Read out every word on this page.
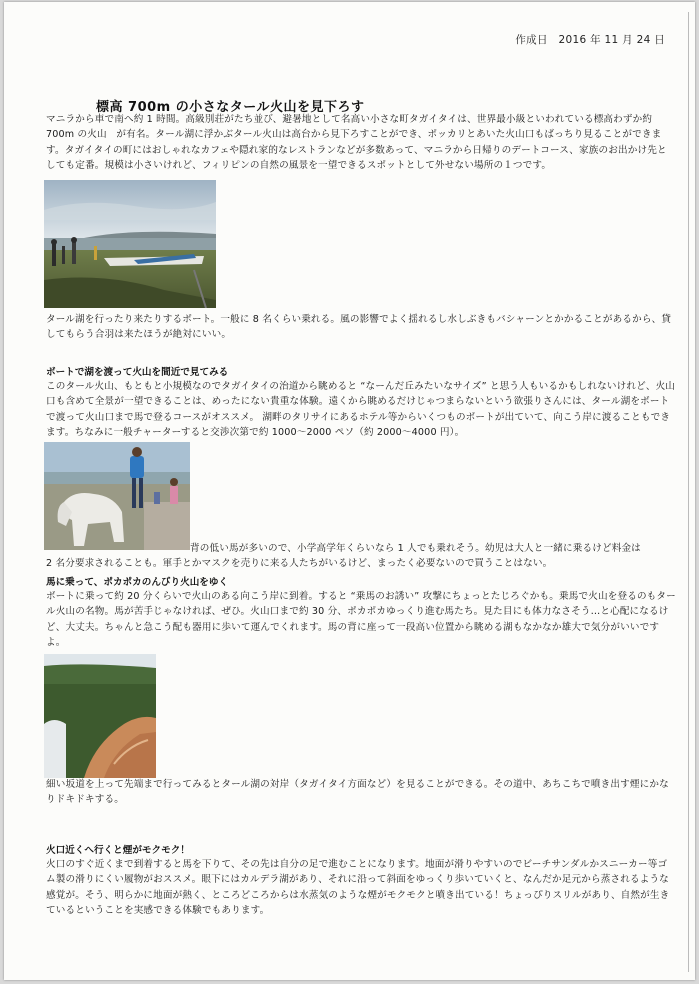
作成日　2016 年 11 月 24 日
標高 700m の小さなタール火山を見下ろす
マニラから車で南へ約 1 時間。高級別荘がたち並び、避暑地として名高い小さな町タガイタイは、世界最小級といわれている標高わずか約 700m の火山　が有名。タール湖に浮かぶタール火山は高台から見下ろすことができ、ポッカリとあいた火山口もばっちり見ることができます。タガイタイの町にはおしゃれなカフェや隠れ家的なレストランなどが多数あって、マニラから日帰りのデートコース、家族のお出かけ先としても定番。規模は小さいけれど、フィリピンの自然の風景を一望できるスポットとして外せない場所の１つです。
タール湖を行ったり来たりするボート。一般に 8 名くらい乗れる。風の影響でよく揺れるし水しぶきもバシャーンとかかることがあるから、貸してもらう合羽は来たほうが絶対にいい。
ボートで湖を渡って火山を間近で見てみる
このタール火山、もともと小規模なのでタガイタイの治道から眺めると “なーんだ丘みたいなサイズ” と思う人もいるかもしれないけれど、火山口も含めて全景が一望できることは、めったにない貴重な体験。遠くから眺めるだけじゃつまらないという欲張りさんには、タール湖をボートで渡って火山口まで馬で登るコースがオススメ。 湖畔のタリサイにあるホテル等からいくつものボートが出ていて、向こう岸に渡ることもできます。ちなみに一般チャーターすると交渉次第で約 1000〜2000 ペソ（約 2000〜4000 円）。
背の低い馬が多いので、小学高学年くらいなら 1 人でも乗れそう。幼児は大人と一緒に乗るけど料金は
2 名分要求されることも。軍手とかマスクを売りに来る人たちがいるけど、まったく必要ないので買うことはない。
馬に乗って、ポカポカのんびり火山をゆく
ボートに乗って約 20 分くらいで火山のある向こう岸に到着。すると “乗馬のお誘い” 攻撃にちょっとたじろぐかも。乗馬で火山を登るのもタール火山の名物。馬が苦手じゃなければ、ぜひ。火山口まで約 30 分、ポカポカゆっくり進む馬たち。見た目にも体力なさそう…と心配になるけど、大丈夫。ちゃんと急こう配も器用に歩いて運んでくれます。馬の背に座って一段高い位置から眺める湖もなかなか雄大で気分がいいですよ。
細い坂道を上って先端まで行ってみるとタール湖の対岸（タガイタイ方面など）を見ることができる。その道中、あちこちで噴き出す煙にかなりドキドキする。
火口近くへ行くと煙がモクモク！
火口のすぐ近くまで到着すると馬を下りて、その先は自分の足で進むことになります。地面が滑りやすいのでビーチサンダルかスニーカー等ゴム製の滑りにくい履物がおススメ。眼下にはカルデラ湖があり、それに沿って斜面をゆっくり歩いていくと、なんだか足元から蒸されるような感覚が。そう、明らかに地面が熱く、ところどころからは水蒸気のような煙がモクモクと噴き出ている！ちょっぴりスリルがあり、自然が生きているということを実感できる体験でもあります。
